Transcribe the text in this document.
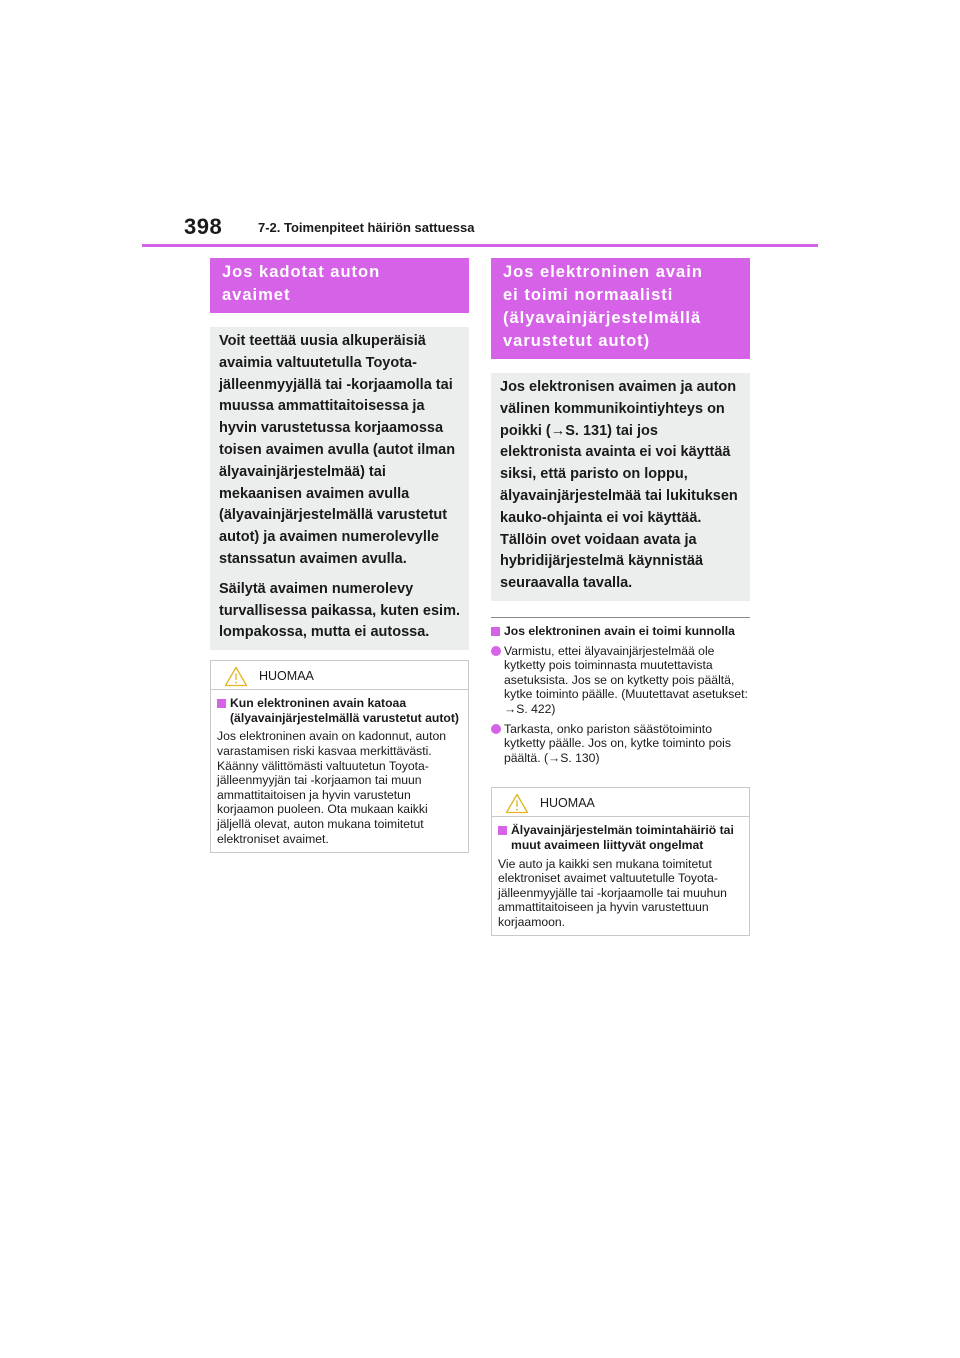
398	7-2. Toimenpiteet häiriön sattuessa
Jos kadotat auton
avaimet

Voit teettää uusia alkuperäisiä avaimia valtuutetulla Toyota-jälleenmyyjällä tai -korjaamolla tai muussa ammattitaitoisessa ja hyvin varustetussa korjaamossa toisen avaimen avulla (autot ilman älyavainjärjestelmää) tai mekaanisen avaimen avulla (älyavainjärjestelmällä varustetut autot) ja avaimen numerolevylle stanssatun avaimen avulla.

Säilytä avaimen numerolevy turvallisessa paikassa, kuten esim. lompakossa, mutta ei autossa.

HUOMAA
Kun elektroninen avain katoaa (älyavainjärjestelmällä varustetut autot)
Jos elektroninen avain on kadonnut, auton varastamisen riski kasvaa merkittävästi. Käänny välittömästi valtuutetun Toyota-jälleenmyyjän tai -korjaamon tai muun ammattitaitoisen ja hyvin varustetun korjaamon puoleen. Ota mukaan kaikki jäljellä olevat, auton mukana toimitetut elektroniset avaimet.
Jos elektroninen avain
ei toimi normaalisti
(älyavainjärjestelmällä
varustetut autot)

Jos elektronisen avaimen ja auton välinen kommunikointiyhteys on poikki (→S. 131) tai jos elektronista avainta ei voi käyttää siksi, että paristo on loppu, älyavainjärjestelmää tai lukituksen kauko-ohjainta ei voi käyttää. Tällöin ovet voidaan avata ja hybridijärjestelmä käynnistää seuraavalla tavalla.

Jos elektroninen avain ei toimi kunnolla
Varmistu, ettei älyavainjärjestelmää ole kytketty pois toiminnasta muutettavista asetuksista. Jos se on kytketty pois päältä, kytke toiminto päälle. (Muutettavat asetukset: →S. 422)
Tarkasta, onko pariston säästötoiminto kytketty päälle. Jos on, kytke toiminto pois päältä. (→S. 130)
HUOMAA
Älyavainjärjestelmän toimintahäiriö tai muut avaimeen liittyvät ongelmat
Vie auto ja kaikki sen mukana toimitetut elektroniset avaimet valtuutetulle Toyota-jälleenmyyjälle tai -korjaamolle tai muuhun ammattitaitoiseen ja hyvin varustettuun korjaamoon.
